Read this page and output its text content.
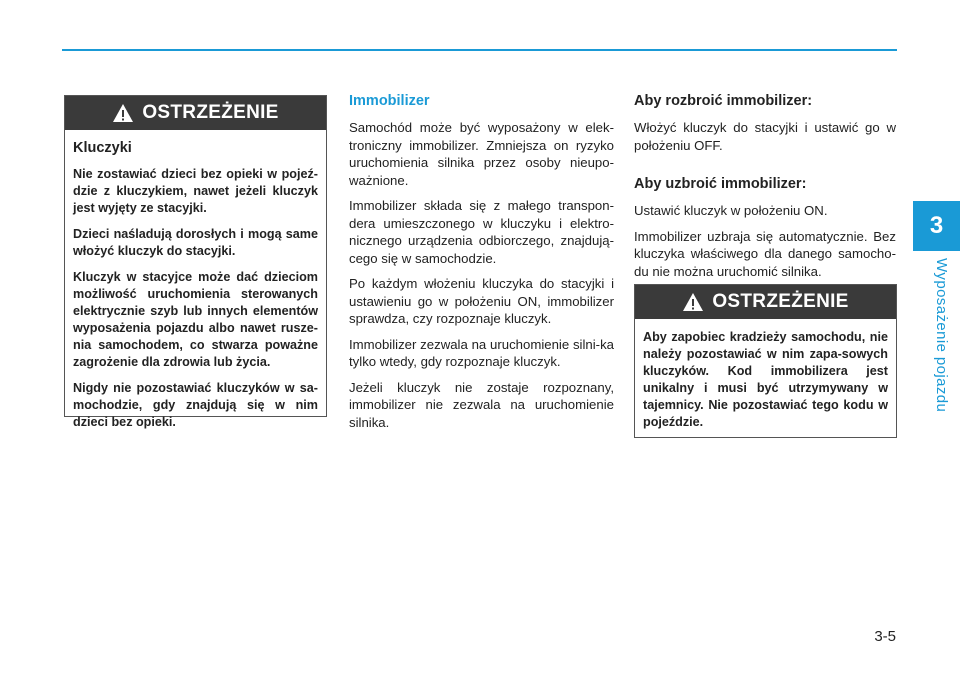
3
Wyposażenie pojazdu
OSTRZEŻENIE
Kluczyki

Nie zostawiać dzieci bez opieki w pojeź-dzie z kluczykiem, nawet jeżeli kluczyk jest wyjęty ze stacyjki.

Dzieci naśladują dorosłych i mogą same włożyć kluczyk do stacyjki.

Kluczyk w stacyjce może dać dzieciom możliwość uruchomienia sterowanych elektrycznie szyb lub innych elementów wyposażenia pojazdu albo nawet rusze-nia samochodem, co stwarza poważne zagrożenie dla zdrowia lub życia.

Nigdy nie pozostawiać kluczyków w sa-mochodzie, gdy znajdują się w nim dzieci bez opieki.

Immobilizer

Samochód może być wyposażony w elek-troniczny immobilizer. Zmniejsza on ryzyko uruchomienia silnika przez osoby nieupo-ważnione.

Immobilizer składa się z małego transpon-dera umieszczonego w kluczyku i elektro-nicznego urządzenia odbiorczego, znajdują-cego się w samochodzie.

Po każdym włożeniu kluczyka do stacyjki i ustawieniu go w położeniu ON, immobilizer sprawdza, czy rozpoznaje kluczyk.

Immobilizer zezwala na uruchomienie silni-ka tylko wtedy, gdy rozpoznaje kluczyk.

Jeżeli kluczyk nie zostaje rozpoznany, immobilizer nie zezwala na uruchomienie silnika.

Aby rozbroić immobilizer:

Włożyć kluczyk do stacyjki i ustawić go w położeniu OFF.

Aby uzbroić immobilizer:

Ustawić kluczyk w położeniu ON.

Immobilizer uzbraja się automatycznie. Bez kluczyka właściwego dla danego samocho-du nie można uruchomić silnika.

OSTRZEŻENIE

Aby zapobiec kradzieży samochodu, nie należy pozostawiać w nim zapa-sowych kluczyków. Kod immobilizera jest unikalny i musi być utrzymywany w tajemnicy. Nie pozostawiać tego kodu w pojeździe.

3-5
